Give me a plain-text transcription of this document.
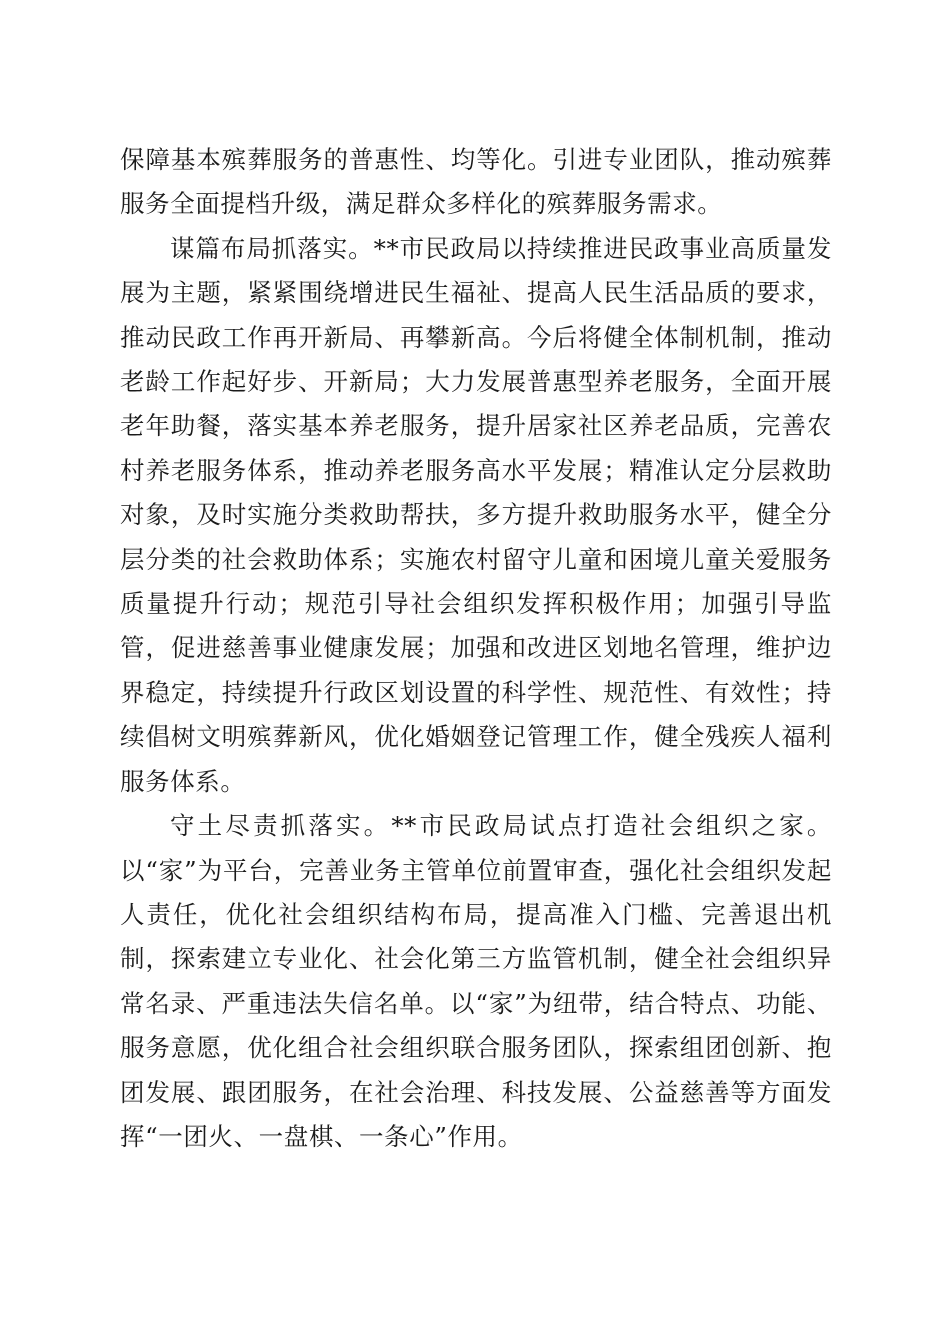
保障基本殡葬服务的普惠性、均等化。引进专业团队，推动殡葬服务全面提档升级，满足群众多样化的殡葬服务需求。

谋篇布局抓落实。**市民政局以持续推进民政事业高质量发展为主题，紧紧围绕增进民生福祉、提高人民生活品质的要求，推动民政工作再开新局、再攀新高。今后将健全体制机制，推动老龄工作起好步、开新局；大力发展普惠型养老服务，全面开展老年助餐，落实基本养老服务，提升居家社区养老品质，完善农村养老服务体系，推动养老服务高水平发展；精准认定分层救助对象，及时实施分类救助帮扶，多方提升救助服务水平，健全分层分类的社会救助体系；实施农村留守儿童和困境儿童关爱服务质量提升行动；规范引导社会组织发挥积极作用；加强引导监管，促进慈善事业健康发展；加强和改进区划地名管理，维护边界稳定，持续提升行政区划设置的科学性、规范性、有效性；持续倡树文明殡葬新风，优化婚姻登记管理工作，健全残疾人福利服务体系。

守土尽责抓落实。**市民政局试点打造社会组织之家。以“家”为平台，完善业务主管单位前置审查，强化社会组织发起人责任，优化社会组织结构布局，提高准入门槛、完善退出机制，探索建立专业化、社会化第三方监管机制，健全社会组织异常名录、严重违法失信名单。以“家”为纽带，结合特点、功能、服务意愿，优化组合社会组织联合服务团队，探索组团创新、抱团发展、跟团服务，在社会治理、科技发展、公益慈善等方面发挥“一团火、一盘棋、一条心”作用。
